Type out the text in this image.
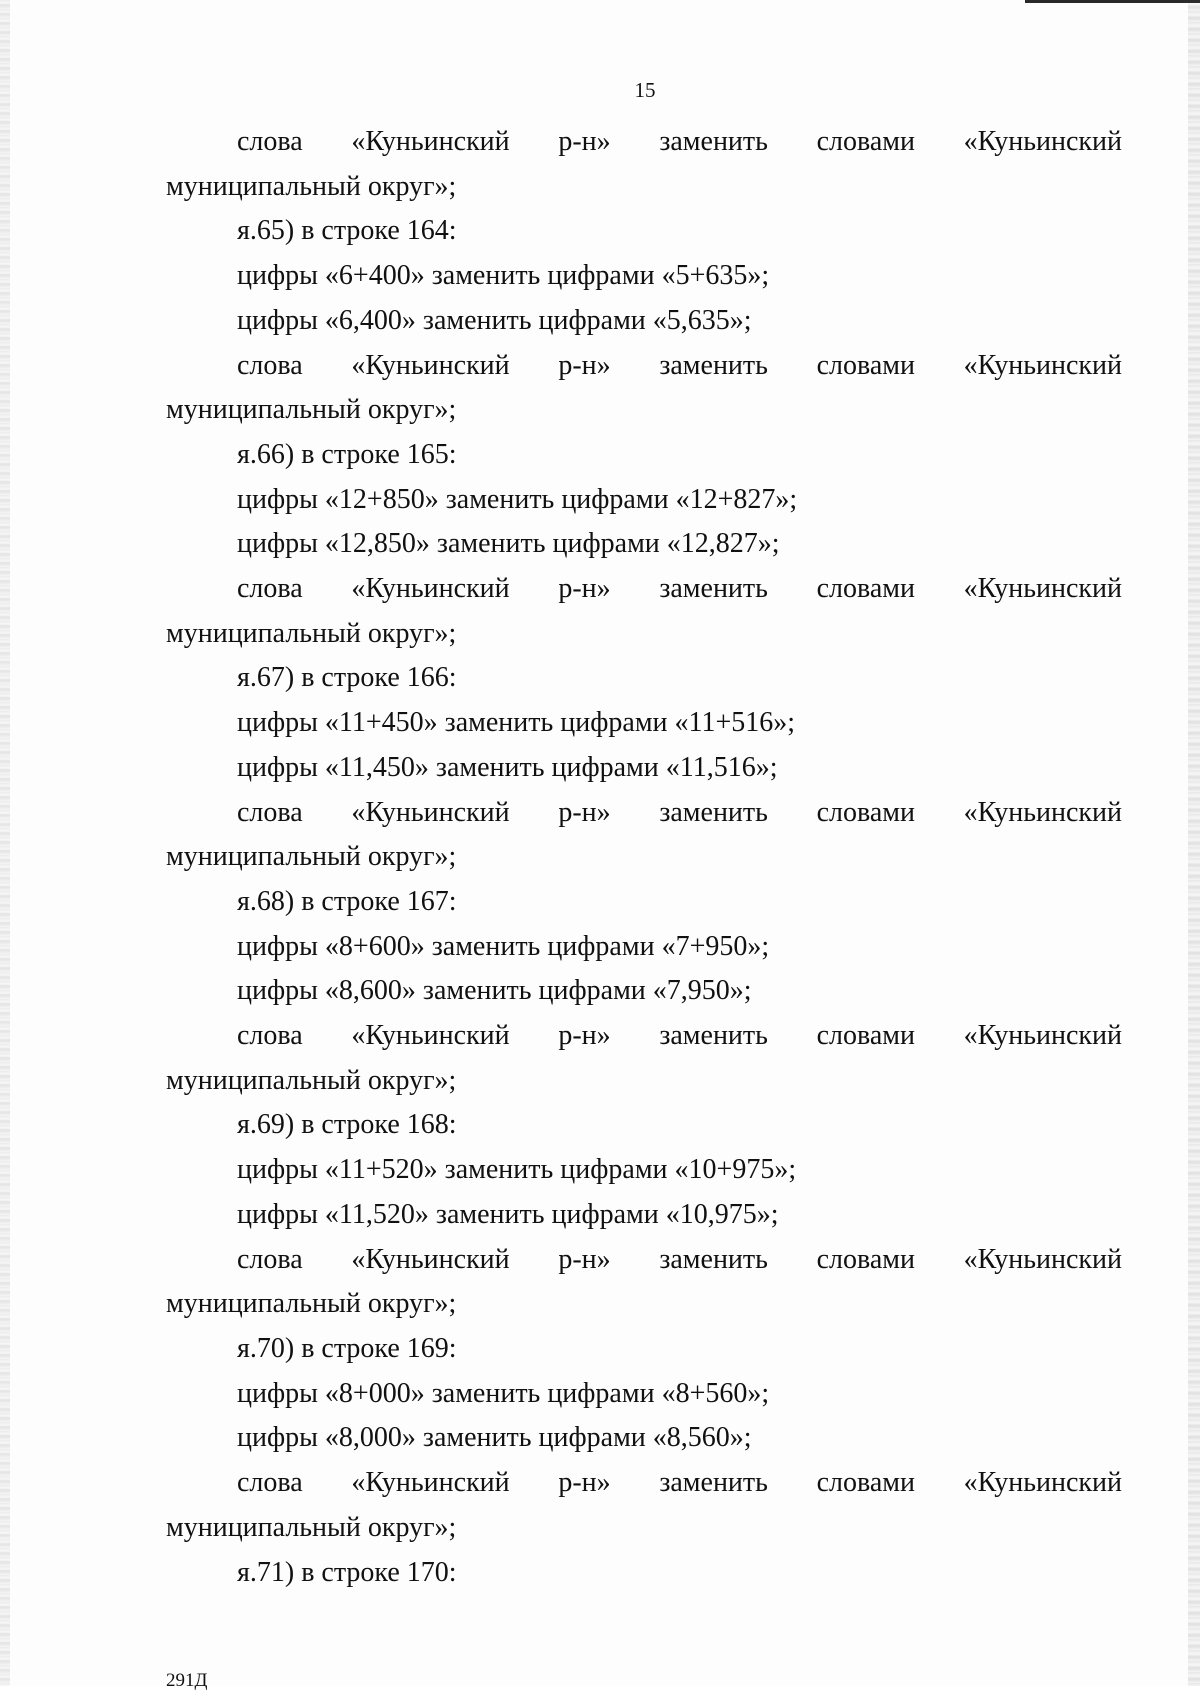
15
слова «Куньинский р-н» заменить словами «Куньинский
муниципальный округ»;
я.65) в строке 164:
цифры «6+400» заменить цифрами «5+635»;
цифры «6,400» заменить цифрами «5,635»;
слова «Куньинский р-н» заменить словами «Куньинский
муниципальный округ»;
я.66) в строке 165:
цифры «12+850» заменить цифрами «12+827»;
цифры «12,850» заменить цифрами «12,827»;
слова «Куньинский р-н» заменить словами «Куньинский
муниципальный округ»;
я.67) в строке 166:
цифры «11+450» заменить цифрами «11+516»;
цифры «11,450» заменить цифрами «11,516»;
слова «Куньинский р-н» заменить словами «Куньинский
муниципальный округ»;
я.68) в строке 167:
цифры «8+600» заменить цифрами «7+950»;
цифры «8,600» заменить цифрами «7,950»;
слова «Куньинский р-н» заменить словами «Куньинский
муниципальный округ»;
я.69) в строке 168:
цифры «11+520» заменить цифрами «10+975»;
цифры «11,520» заменить цифрами «10,975»;
слова «Куньинский р-н» заменить словами «Куньинский
муниципальный округ»;
я.70) в строке 169:
цифры «8+000» заменить цифрами «8+560»;
цифры «8,000» заменить цифрами «8,560»;
слова «Куньинский р-н» заменить словами «Куньинский
муниципальный округ»;
я.71) в строке 170:
291Д
